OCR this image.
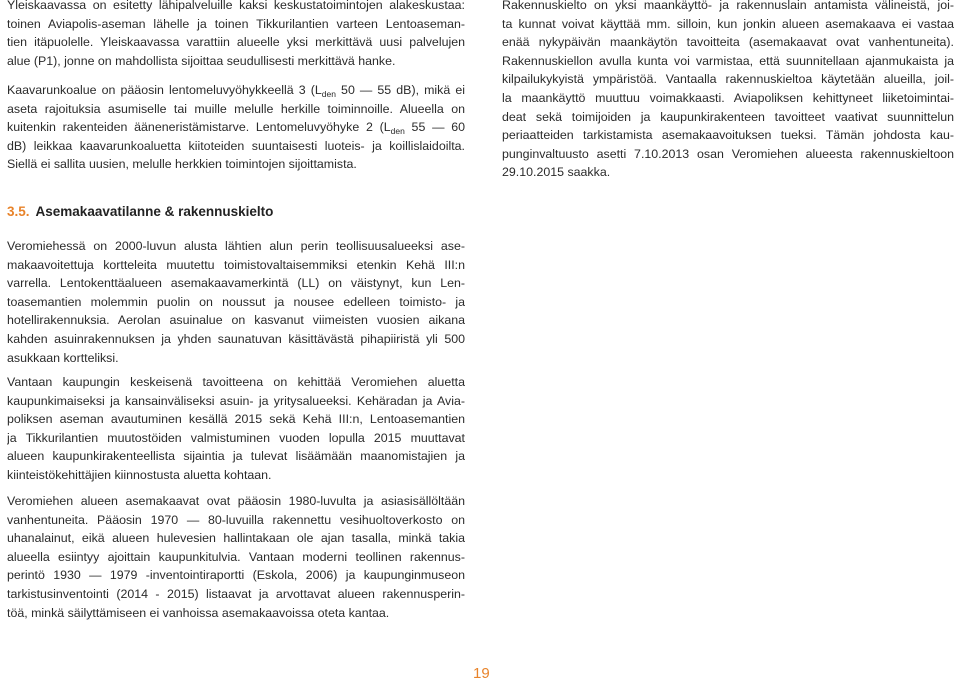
Yleiskaavassa on esitetty lähipalveluille kaksi keskustatoimintojen alakeskustaa:
toinen Aviapolis-aseman lähelle ja toinen Tikkurilantien varteen Lentoaseman-
tien itäpuolelle. Yleiskaavassa varattiin alueelle yksi merkittävä uusi palvelujen
alue (P1), jonne on mahdollista sijoittaa seudullisesti merkittävä hanke.

Kaavarunkoalue on pääosin lentomeluvyöhykkeellä 3 ($L_{den}$ 50 — 55 dB), mikä ei
aseta rajoituksia asumiselle tai muille melulle herkille toiminnoille. Alueella on
kuitenkin rakenteiden ääneneristämistarve. Lentomeluvyöhyke 2 ($L_{den}$ 55 — 60
dB) leikkaa kaavarunkoaluetta kiitoteiden suuntaisesti luoteis- ja koillislaidoilta.
Siellä ei sallita uusien, melulle herkkien toimintojen sijoittamista.

3.5. Asemakaavatilanne & rakennuskielto

Veromiehessä on 2000-luvun alusta lähtien alun perin teollisuusalueeksi ase-
makaavoitettuja kortteleita muutettu toimistovaltaisemmiksi etenkin Kehä III:n
varrella. Lentokenttäalueen asemakaavamerkintä (LL) on väistynyt, kun Len-
toasemantien molemmin puolin on noussut ja nousee edelleen toimisto- ja
hotellirakennuksia. Aerolan asuinalue on kasvanut viimeisten vuosien aikana
kahden asuinrakennuksen ja yhden saunatuvan käsittävästä pihapiiristä yli 500
asukkaan kortteliksi.

Vantaan kaupungin keskeisenä tavoitteena on kehittää Veromiehen aluetta
kaupunkimaiseksi ja kansainväliseksi asuin- ja yritysalueeksi. Kehäradan ja Avia-
poliksen aseman avautuminen kesällä 2015 sekä Kehä III:n, Lentoasemantien
ja Tikkurilantien muutostöiden valmistuminen vuoden lopulla 2015 muuttavat
alueen kaupunkirakenteellista sijaintia ja tulevat lisäämään maanomistajien ja
kiinteistökehittäjien kiinnostusta aluetta kohtaan.

Veromiehen alueen asemakaavat ovat pääosin 1980-luvulta ja asiasisällöltään
vanhentuneita. Pääosin 1970 — 80-luvuilla rakennettu vesihuoltoverkosto on
uhanalainut, eikä alueen hulevesien hallintakaan ole ajan tasalla, minkä takia
alueella esiintyy ajoittain kaupunkitulvia. Vantaan moderni teollinen rakennus-
perintö 1930 — 1979 -inventointiraportti (Eskola, 2006) ja kaupunginmuseon
tarkistusinventointi (2014 - 2015) listaavat ja arvottavat alueen rakennusperin-
töä, minkä säilyttämiseen ei vanhoissa asemakaavoissa oteta kantaa.

Rakennuskielto on yksi maankäyttö- ja rakennuslain antamista välineistä, joi-
ta kunnat voivat käyttää mm. silloin, kun jonkin alueen asemakaava ei vastaa
enää nykypäivän maankäytön tavoitteita (asemakaavat ovat vanhentuneita).
Rakennuskiellon avulla kunta voi varmistaa, että suunnitellaan ajanmukaista ja
kilpailukykyistä ympäristöä. Vantaalla rakennuskieltoa käytetään alueilla, joil-
la maankäyttö muuttuu voimakkaasti. Aviapoliksen kehittyneet liiketoimintai-
deat sekä toimijoiden ja kaupunkirakenteen tavoitteet vaativat suunnittelun
periaatteiden tarkistamista asemakaavoituksen tueksi. Tämän johdosta kau-
punginvaltuusto asetti 7.10.2013 osan Veromiehen alueesta rakennuskieltoon
29.10.2015 saakka.

19
